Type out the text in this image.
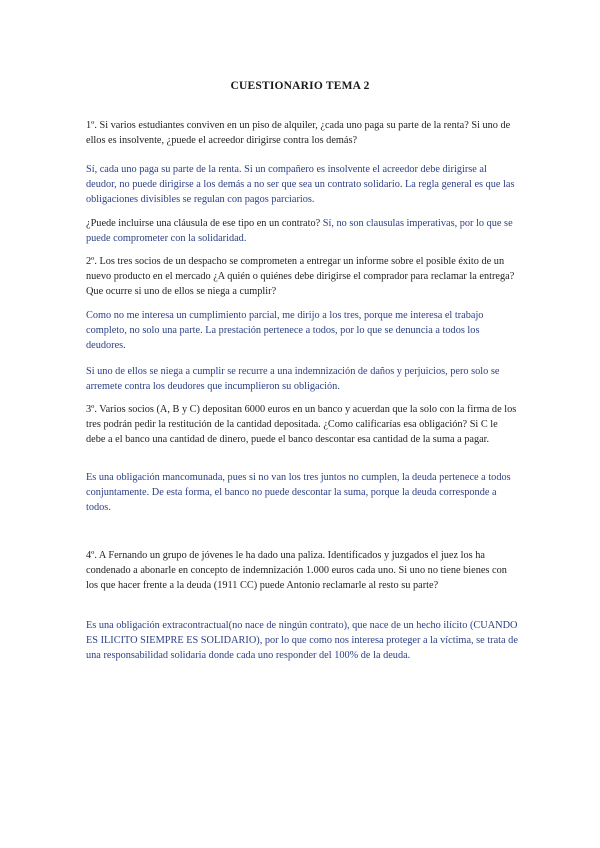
CUESTIONARIO TEMA 2

1º. Si varios estudiantes conviven en un piso de alquiler, ¿cada uno paga su parte de la renta? Si uno de ellos es insolvente, ¿puede el acreedor dirigirse contra los demás?

Sí, cada uno paga su parte de la renta. Si un compañero es insolvente el acreedor debe dirigirse al deudor, no puede dirigirse a los demás a no ser que sea un contrato solidario. La regla general es que las obligaciones divisibles se regulan con pagos parciarios.

¿Puede incluirse una cláusula de ese tipo en un contrato? Sí, no son clausulas imperativas, por lo que se puede comprometer con la solidaridad.

2º. Los tres socios de un despacho se comprometen a entregar un informe sobre el posible éxito de un nuevo producto en el mercado ¿A quién o quiénes debe dirigirse el comprador para reclamar la entrega? Que ocurre si uno de ellos se niega a cumplir?

Como no me interesa un cumplimiento parcial, me dirijo a los tres, porque me interesa el trabajo completo, no solo una parte. La prestación pertenece a todos, por lo que se denuncia a todos los deudores.

Si uno de ellos se niega a cumplir se recurre a una indemnización de daños y perjuicios, pero solo se arremete contra los deudores que incumplieron su obligación.

3º. Varios socios (A, B y C) depositan 6000 euros en un banco y acuerdan que la solo con la firma de los tres podrán pedir la restitución de la cantidad depositada. ¿Como calificarías esa obligación? Si C le debe a el banco una cantidad de dinero, puede el banco descontar esa cantidad de la suma a pagar.

Es una obligación mancomunada, pues si no van los tres juntos no cumplen, la deuda pertenece a todos conjuntamente. De esta forma, el banco no puede descontar la suma, porque la deuda corresponde a todos.

4º. A Fernando un grupo de jóvenes le ha dado una paliza. Identificados y juzgados el juez los ha condenado a abonarle en concepto de indemnización 1.000 euros cada uno. Si uno no tiene bienes con los que hacer frente a la deuda (1911 CC) puede Antonio reclamarle al resto su parte?

Es una obligación extracontractual(no nace de ningún contrato), que nace de un hecho ilícito (CUANDO ES ILICITO SIEMPRE ES SOLIDARIO), por lo que como nos interesa proteger a la víctima, se trata de una responsabilidad solidaria donde cada uno responder del 100% de la deuda.
